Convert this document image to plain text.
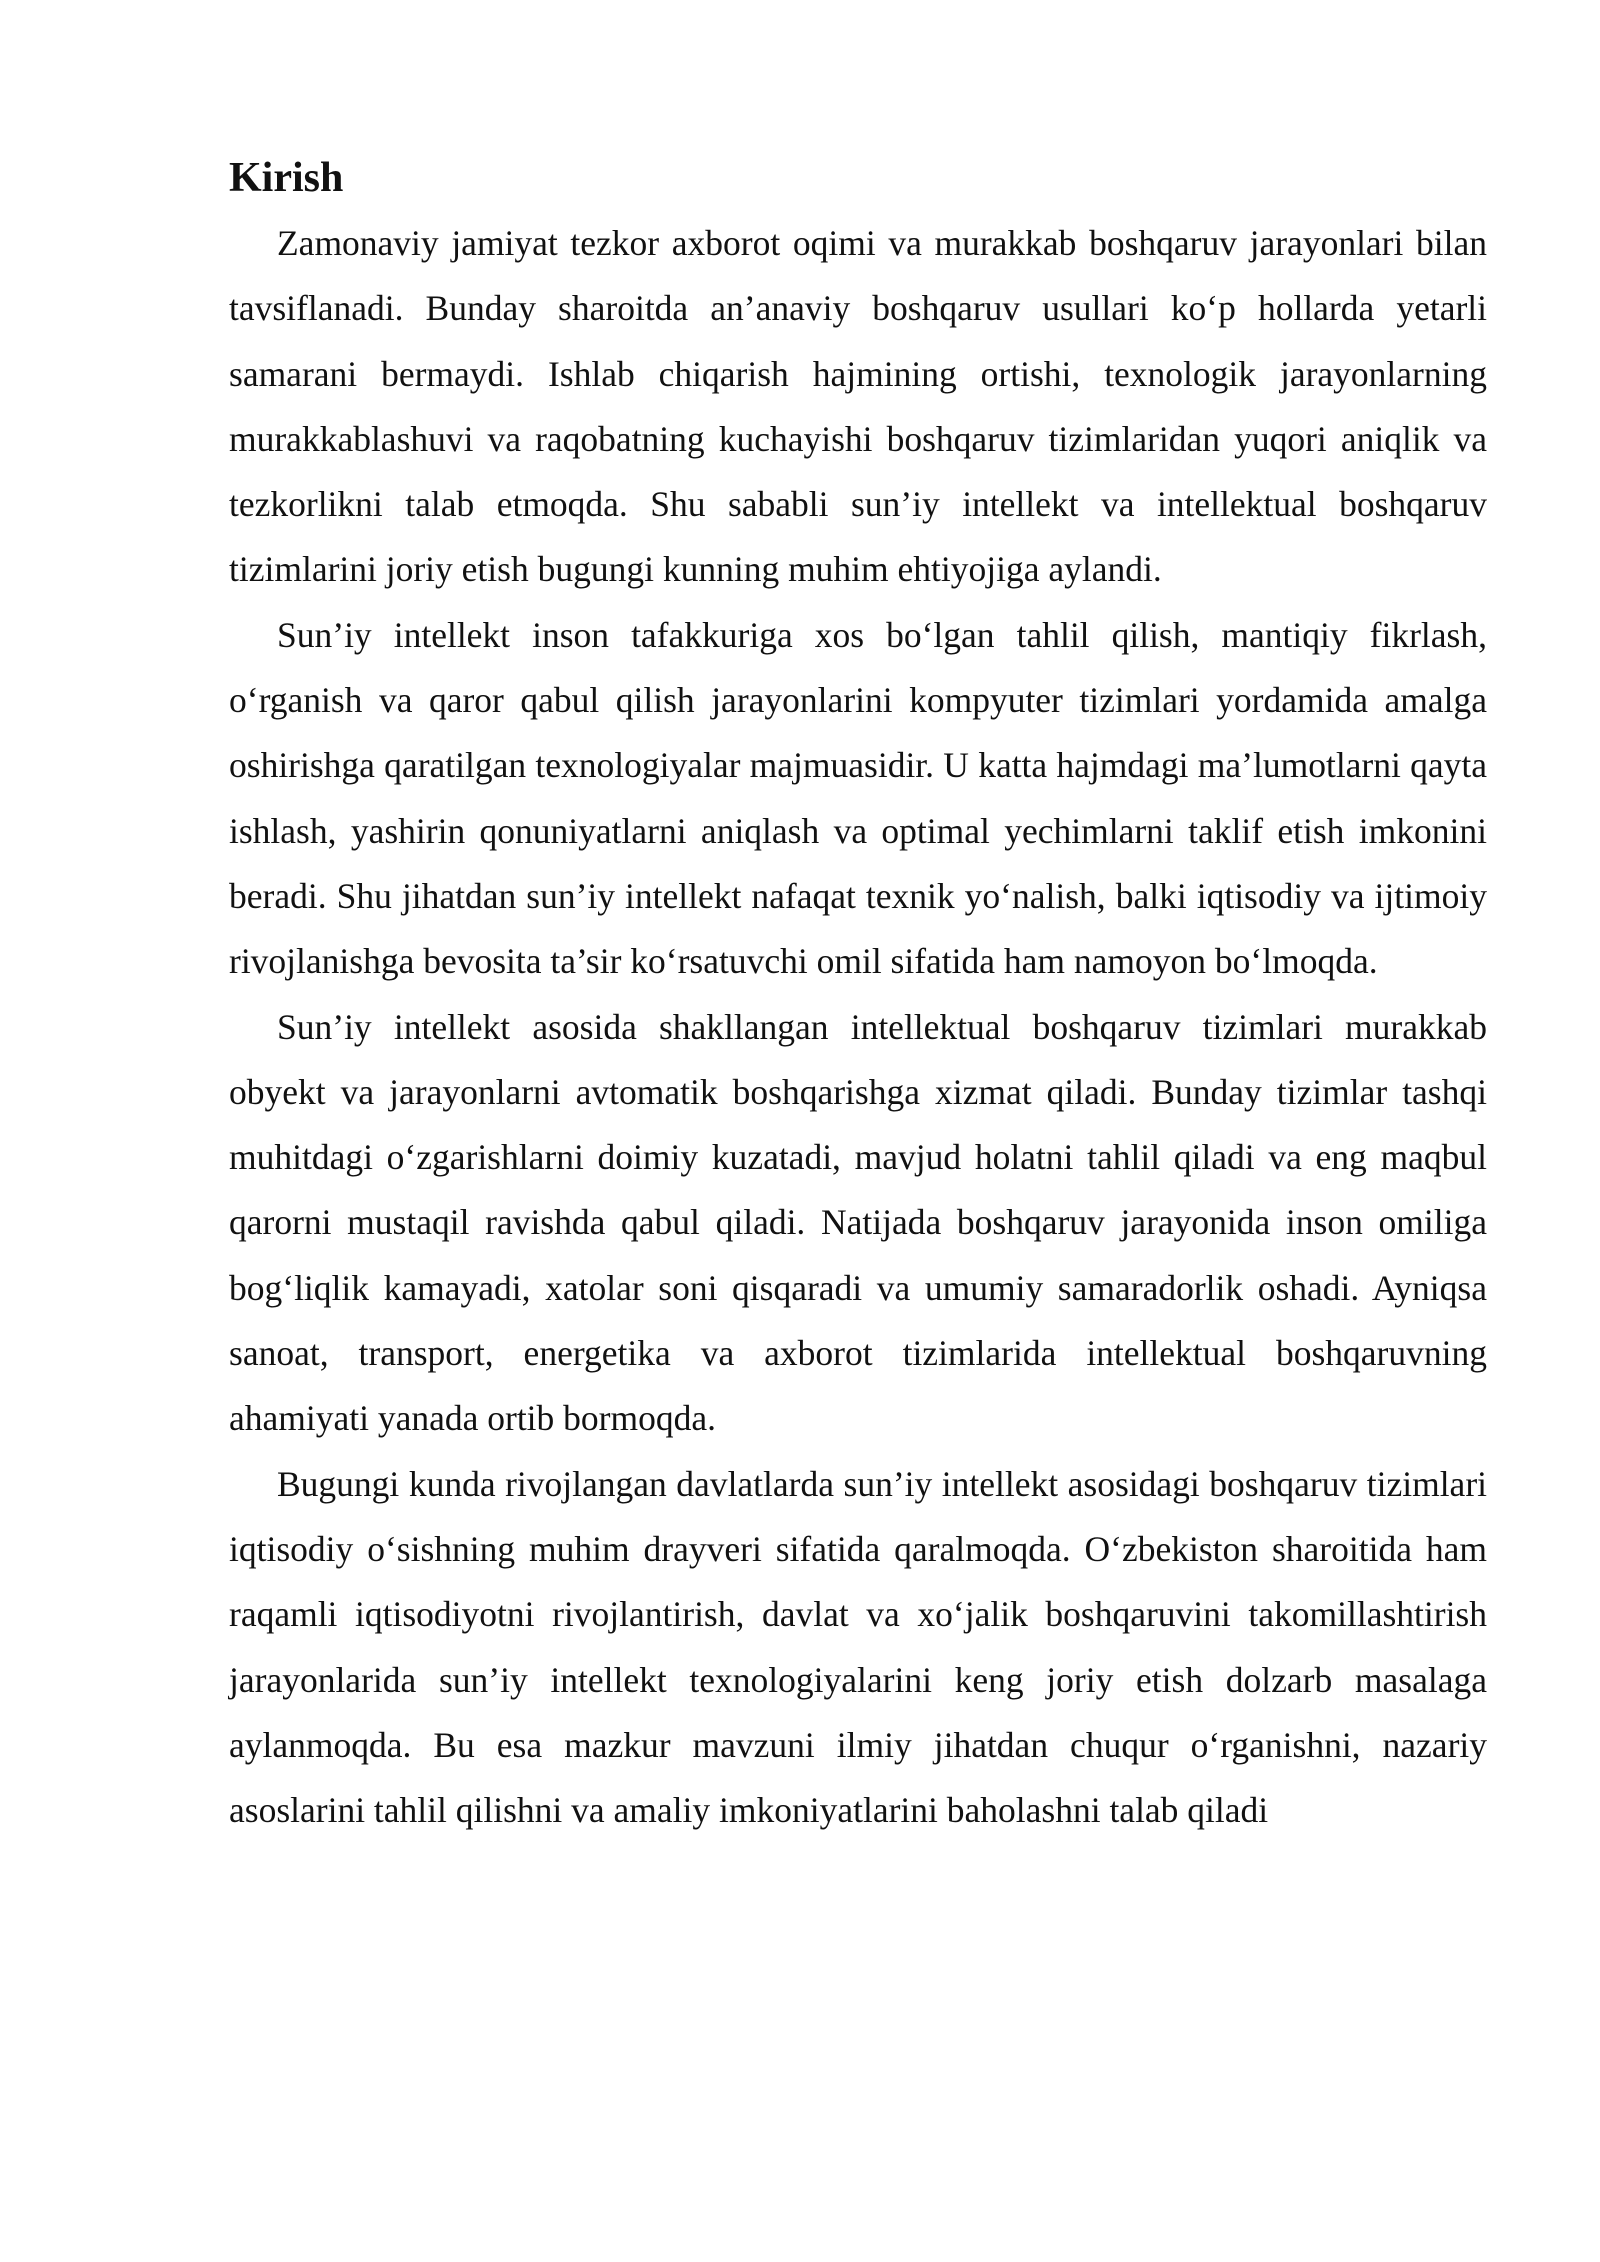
Kirish

Zamonaviy jamiyat tezkor axborot oqimi va murakkab boshqaruv jarayonlari bilan tavsiflanadi. Bunday sharoitda an’anaviy boshqaruv usullari ko‘p hollarda yetarli samarani bermaydi. Ishlab chiqarish hajmining ortishi, texnologik jarayonlarning murakkablashuvi va raqobatning kuchayishi boshqaruv tizimlaridan yuqori aniqlik va tezkorlikni talab etmoqda. Shu sababli sun’iy intellekt va intellektual boshqaruv tizimlarini joriy etish bugungi kunning muhim ehtiyojiga aylandi.

Sun’iy intellekt inson tafakkuriga xos bo‘lgan tahlil qilish, mantiqiy fikrlash, o‘rganish va qaror qabul qilish jarayonlarini kompyuter tizimlari yordamida amalga oshirishga qaratilgan texnologiyalar majmuasidir. U katta hajmdagi ma’lumotlarni qayta ishlash, yashirin qonuniyatlarni aniqlash va optimal yechimlarni taklif etish imkonini beradi. Shu jihatdan sun’iy intellekt nafaqat texnik yo‘nalish, balki iqtisodiy va ijtimoiy rivojlanishga bevosita ta’sir ko‘rsatuvchi omil sifatida ham namoyon bo‘lmoqda.

Sun’iy intellekt asosida shakllangan intellektual boshqaruv tizimlari murakkab obyekt va jarayonlarni avtomatik boshqarishga xizmat qiladi. Bunday tizimlar tashqi muhitdagi o‘zgarishlarni doimiy kuzatadi, mavjud holatni tahlil qiladi va eng maqbul qarorni mustaqil ravishda qabul qiladi. Natijada boshqaruv jarayonida inson omiliga bog‘liqlik kamayadi, xatolar soni qisqaradi va umumiy samaradorlik oshadi. Ayniqsa sanoat, transport, energetika va axborot tizimlarida intellektual boshqaruvning ahamiyati yanada ortib bormoqda.

Bugungi kunda rivojlangan davlatlarda sun’iy intellekt asosidagi boshqaruv tizimlari iqtisodiy o‘sishning muhim drayveri sifatida qaralmoqda. O‘zbekiston sharoitida ham raqamli iqtisodiyotni rivojlantirish, davlat va xo‘jalik boshqaruvini takomillashtirish jarayonlarida sun’iy intellekt texnologiyalarini keng joriy etish dolzarb masalaga aylanmoqda. Bu esa mazkur mavzuni ilmiy jihatdan chuqur o‘rganishni, nazariy asoslarini tahlil qilishni va amaliy imkoniyatlarini baholashni talab qiladi
